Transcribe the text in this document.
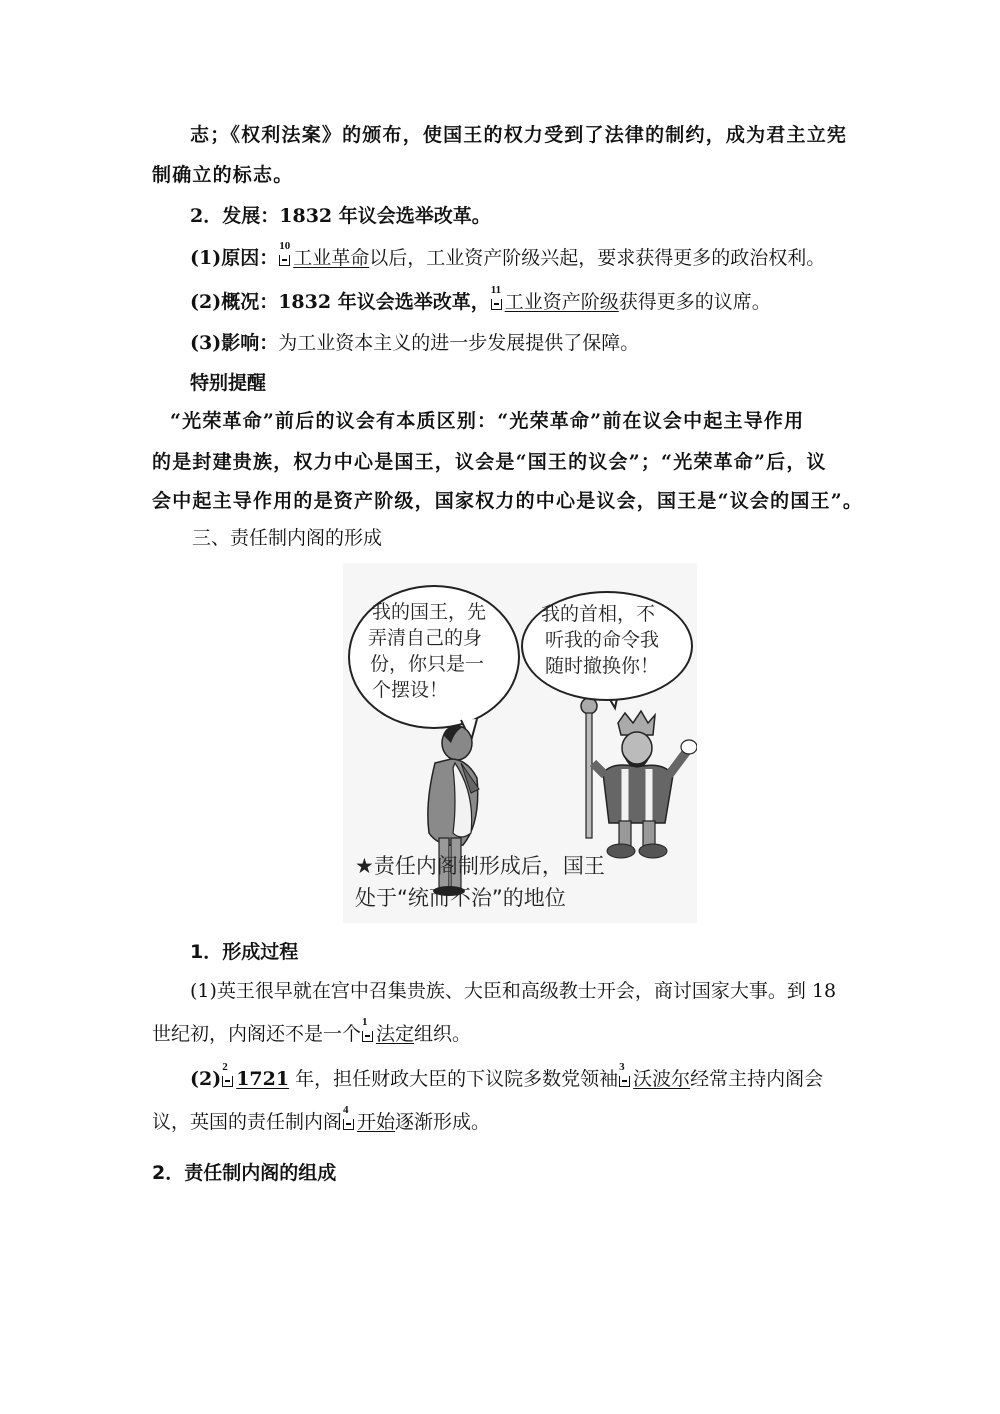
志；《权利法案》的颁布，使国王的权力受到了法律的制约，成为君主立宪
制确立的标志。
2．发展：1832 年议会选举改革。
(1)原因：
10
工业革命以后，工业资产阶级兴起，要求获得更多的政治权利。
(2)概况：1832 年议会选举改革，
11
工业资产阶级获得更多的议席。
(3)影响：为工业资本主义的进一步发展提供了保障。
特别提醒
“光荣革命”前后的议会有本质区别：“光荣革命”前在议会中起主导作用
的是封建贵族，权力中心是国王，议会是“国王的议会”；“光荣革命”后，议
会中起主导作用的是资产阶级，国家权力的中心是议会，国王是“议会的国王”。
三、责任制内阁的形成
我的国王，先
弄清自己的身
份，你只是一
个摆设！
我的首相，不
听我的命令我
随时撤换你！
★责任内阁制形成后，国王
处于“统而不治”的地位
1．形成过程
(1)英王很早就在宫中召集贵族、大臣和高级教士开会，商讨国家大事。到 18
世纪初，内阁还不是一个
1
法定组织。
(2)
2
1721 年，担任财政大臣的下议院多数党领袖
3
沃波尔经常主持内阁会
议，英国的责任制内阁
4
开始逐渐形成。
2．责任制内阁的组成
